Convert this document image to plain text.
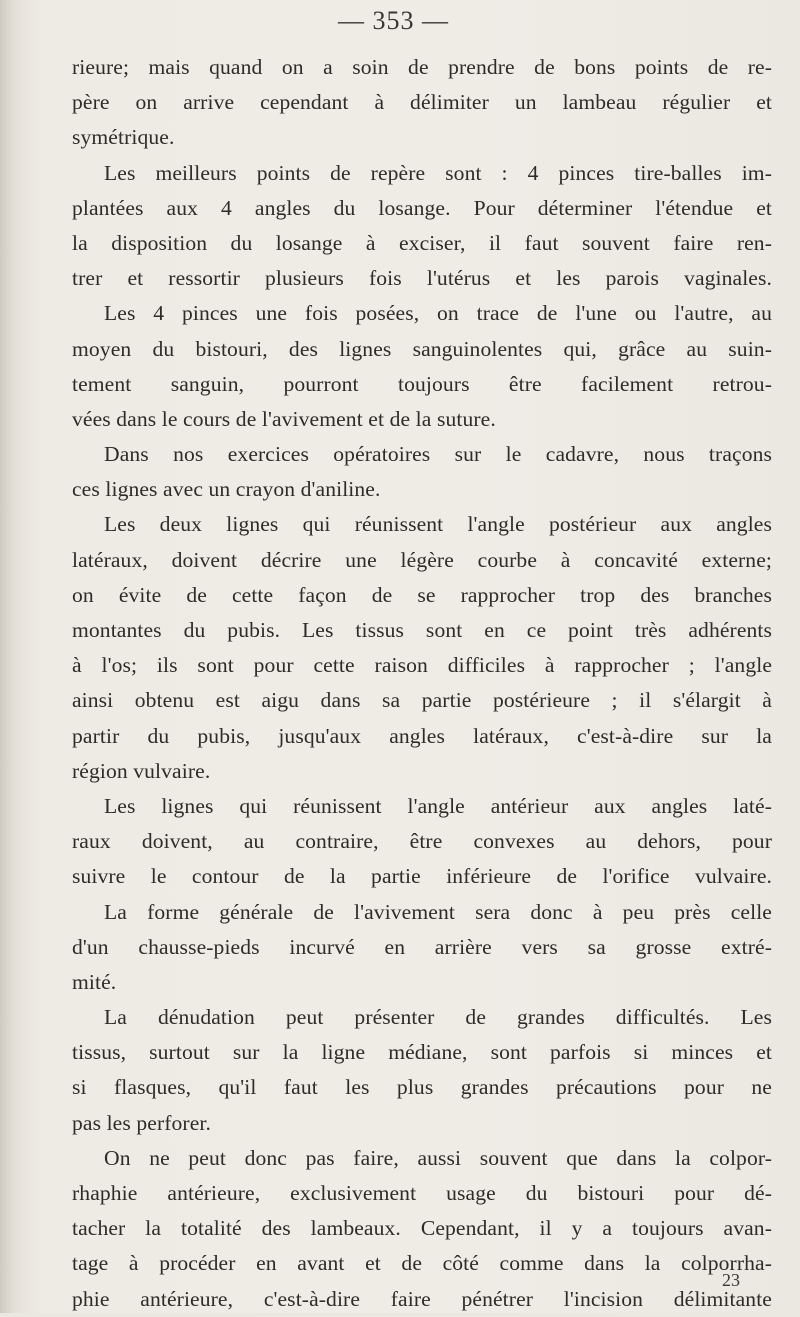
— 353 —
rieure; mais quand on a soin de prendre de bons points de re-
père on arrive cependant à délimiter un lambeau régulier et
symétrique.
Les meilleurs points de repère sont : 4 pinces tire-balles im-
plantées aux 4 angles du losange. Pour déterminer l'étendue et
la disposition du losange à exciser, il faut souvent faire ren-
trer et ressortir plusieurs fois l'utérus et les parois vaginales.
Les 4 pinces une fois posées, on trace de l'une ou l'autre, au
moyen du bistouri, des lignes sanguinolentes qui, grâce au suin-
tement sanguin, pourront toujours être facilement retrou-
vées dans le cours de l'avivement et de la suture.
Dans nos exercices opératoires sur le cadavre, nous traçons
ces lignes avec un crayon d'aniline.
Les deux lignes qui réunissent l'angle postérieur aux angles
latéraux, doivent décrire une légère courbe à concavité externe;
on évite de cette façon de se rapprocher trop des branches
montantes du pubis. Les tissus sont en ce point très adhérents
à l'os; ils sont pour cette raison difficiles à rapprocher ; l'angle
ainsi obtenu est aigu dans sa partie postérieure ; il s'élargit à
partir du pubis, jusqu'aux angles latéraux, c'est-à-dire sur la
région vulvaire.
Les lignes qui réunissent l'angle antérieur aux angles laté-
raux doivent, au contraire, être convexes au dehors, pour
suivre le contour de la partie inférieure de l'orifice vulvaire.
La forme générale de l'avivement sera donc à peu près celle
d'un chausse-pieds incurvé en arrière vers sa grosse extré-
mité.
La dénudation peut présenter de grandes difficultés. Les
tissus, surtout sur la ligne médiane, sont parfois si minces et
si flasques, qu'il faut les plus grandes précautions pour ne
pas les perforer.
On ne peut donc pas faire, aussi souvent que dans la colpor-
rhaphie antérieure, exclusivement usage du bistouri pour dé-
tacher la totalité des lambeaux. Cependant, il y a toujours avan-
tage à procéder en avant et de côté comme dans la colporrha-
phie antérieure, c'est-à-dire faire pénétrer l'incision délimitante
23
